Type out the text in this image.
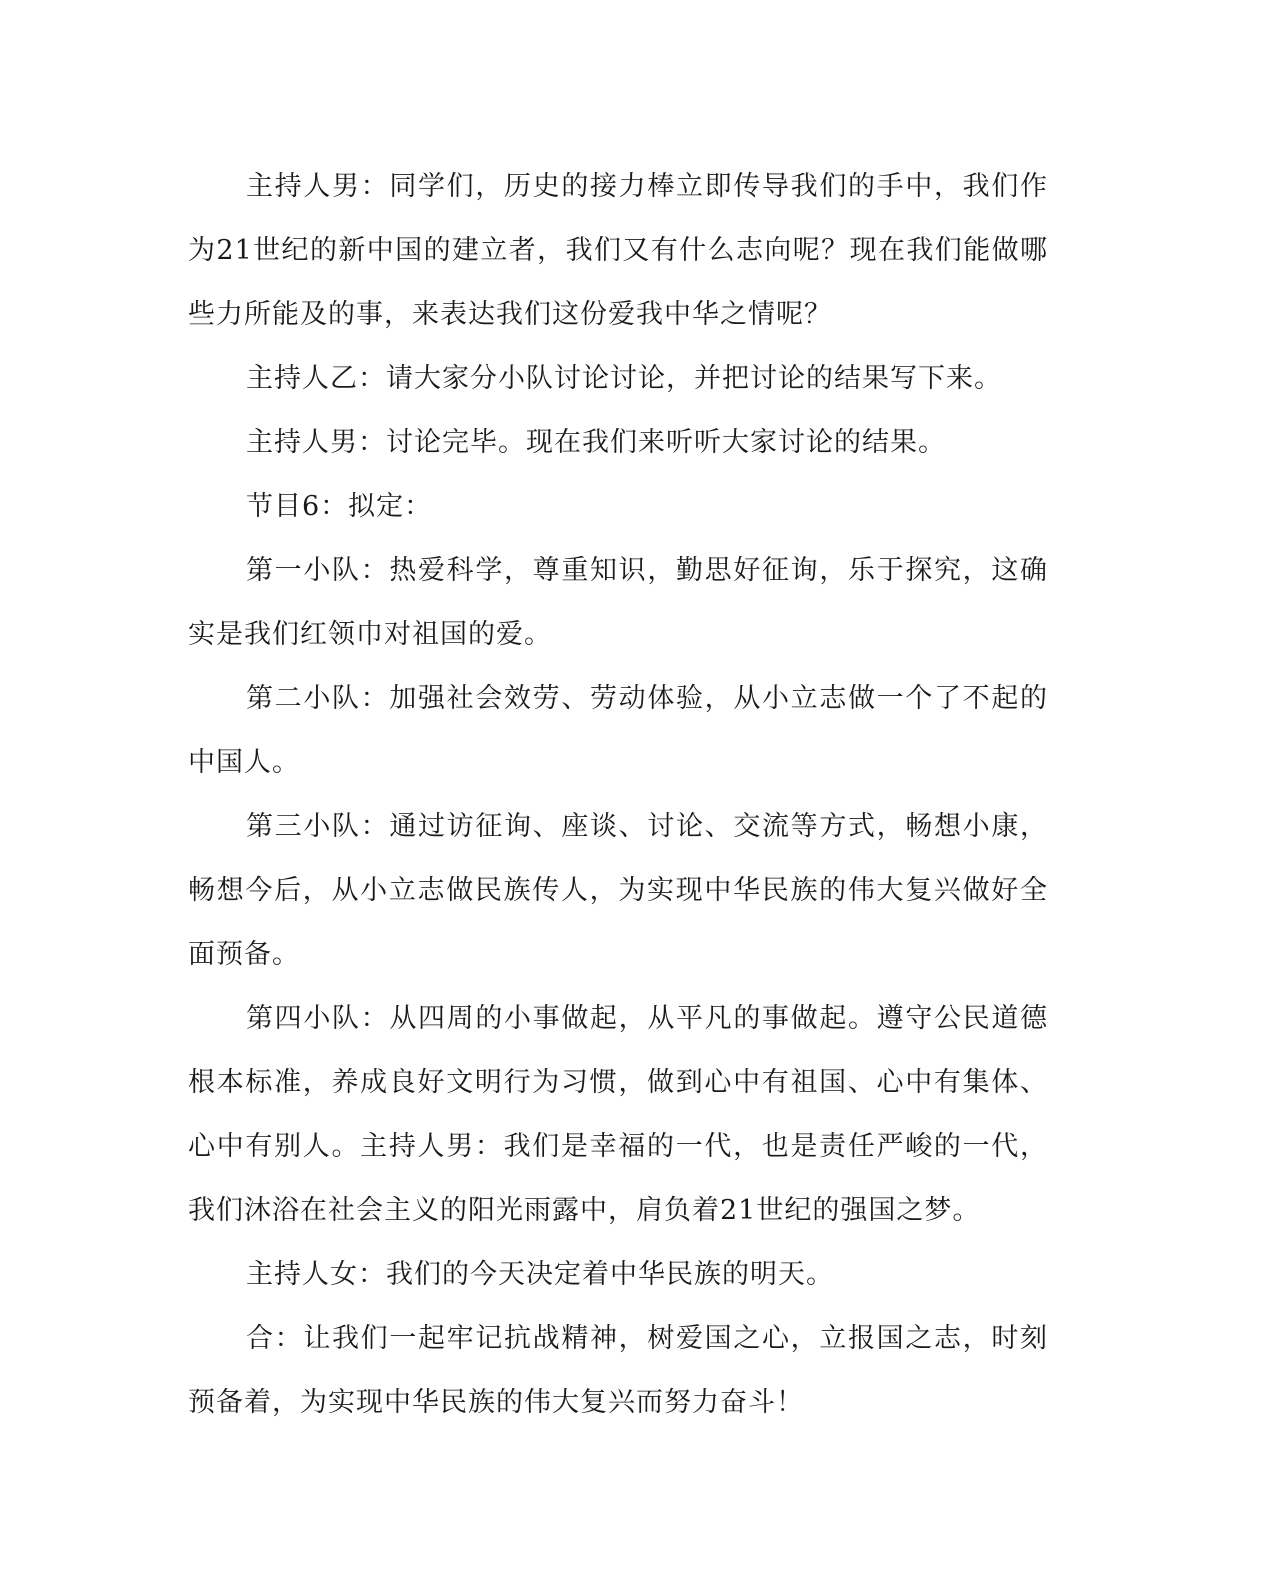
主持人男：同学们，历史的接力棒立即传导我们的手中，我们作为21世纪的新中国的建立者，我们又有什么志向呢？现在我们能做哪些力所能及的事，来表达我们这份爱我中华之情呢？

主持人乙：请大家分小队讨论讨论，并把讨论的结果写下来。

主持人男：讨论完毕。现在我们来听听大家讨论的结果。

节目6：拟定：

第一小队：热爱科学，尊重知识，勤思好征询，乐于探究，这确实是我们红领巾对祖国的爱。

第二小队：加强社会效劳、劳动体验，从小立志做一个了不起的中国人。

第三小队：通过访征询、座谈、讨论、交流等方式，畅想小康，畅想今后，从小立志做民族传人，为实现中华民族的伟大复兴做好全面预备。

第四小队：从四周的小事做起，从平凡的事做起。遵守公民道德根本标准，养成良好文明行为习惯，做到心中有祖国、心中有集体、心中有别人。主持人男：我们是幸福的一代，也是责任严峻的一代，我们沐浴在社会主义的阳光雨露中，肩负着21世纪的强国之梦。

主持人女：我们的今天决定着中华民族的明天。

合：让我们一起牢记抗战精神，树爱国之心，立报国之志，时刻预备着，为实现中华民族的伟大复兴而努力奋斗！
